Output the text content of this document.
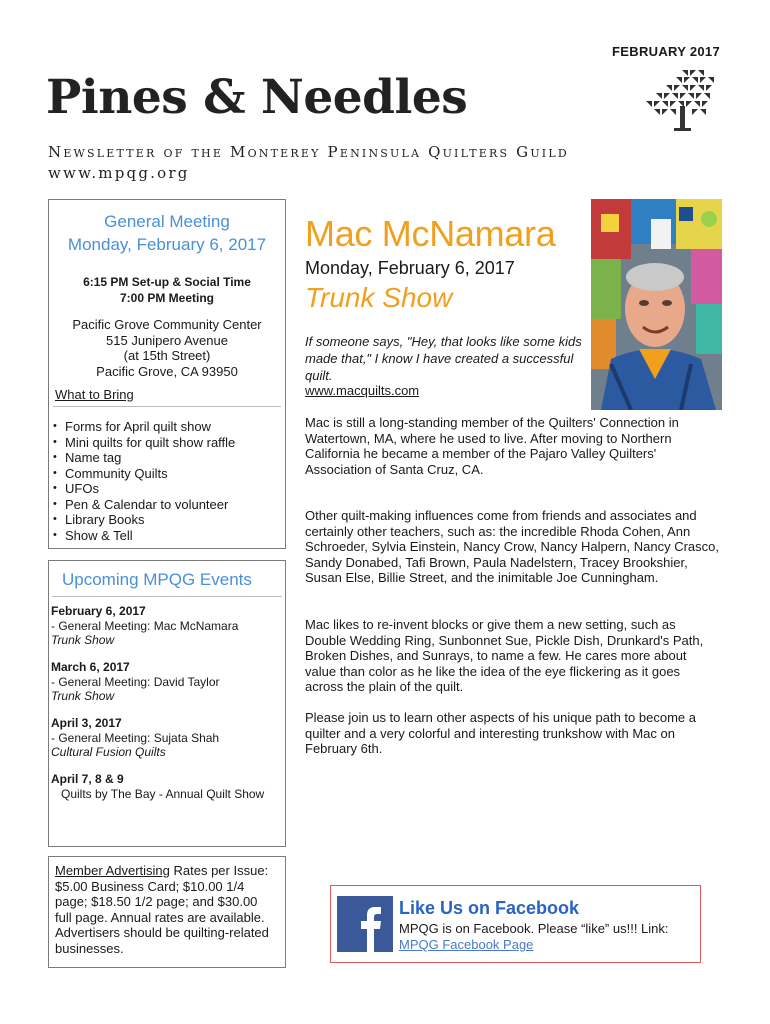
FEBRUARY 2017
Pines & Needles
Newsletter of the Monterey Peninsula Quilters Guild
www.mpqg.org
General Meeting
Monday, February 6, 2017
6:15 PM Set-up & Social Time
7:00 PM Meeting
Pacific Grove Community Center
515 Junipero Avenue
(at 15th Street)
Pacific Grove, CA 93950
What to Bring
• Forms for April quilt show
• Mini quilts for quilt show raffle
• Name tag
• Community Quilts
• UFOs
• Pen & Calendar to volunteer
• Library Books
• Show & Tell
Upcoming MPQG Events
February 6, 2017
- General Meeting: Mac McNamara
Trunk Show
March 6, 2017
- General Meeting: David Taylor
Trunk Show
April 3, 2017
- General Meeting: Sujata Shah
Cultural Fusion Quilts
April 7, 8 & 9
Quilts by The Bay - Annual Quilt Show
Member Advertising Rates per Issue: $5.00 Business Card; $10.00 1/4 page; $18.50 1/2 page; and $30.00 full page. Annual rates are available. Advertisers should be quilting-related businesses.
Mac McNamara
Monday, February 6, 2017
Trunk Show
If someone says, "Hey, that looks like some kids made that," I know I have created a successful quilt.
www.macquilts.com
Mac is still a long-standing member of the Quilters' Connection in Watertown, MA, where he used to live. After moving to Northern California he became a member of the Pajaro Valley Quilters' Association of Santa Cruz, CA.
Other quilt-making influences come from friends and associates and certainly other teachers, such as: the incredible Rhoda Cohen, Ann Schroeder, Sylvia Einstein, Nancy Crow, Nancy Halpern, Nancy Crasco, Sandy Donabed, Tafi Brown, Paula Nadelstern, Tracey Brookshier, Susan Else, Billie Street, and the inimitable Joe Cunningham.
Mac likes to re-invent blocks or give them a new setting, such as Double Wedding Ring, Sunbonnet Sue, Pickle Dish, Drunkard's Path, Broken Dishes, and Sunrays, to name a few. He cares more about value than color as he like the idea of the eye flickering as it goes across the plain of the quilt.
Please join us to learn other aspects of his unique path to become a quilter and a very colorful and interesting trunkshow with Mac on February 6th.
Like Us on Facebook
MPQG is on Facebook. Please “like” us!!! Link:
MPQG Facebook Page
